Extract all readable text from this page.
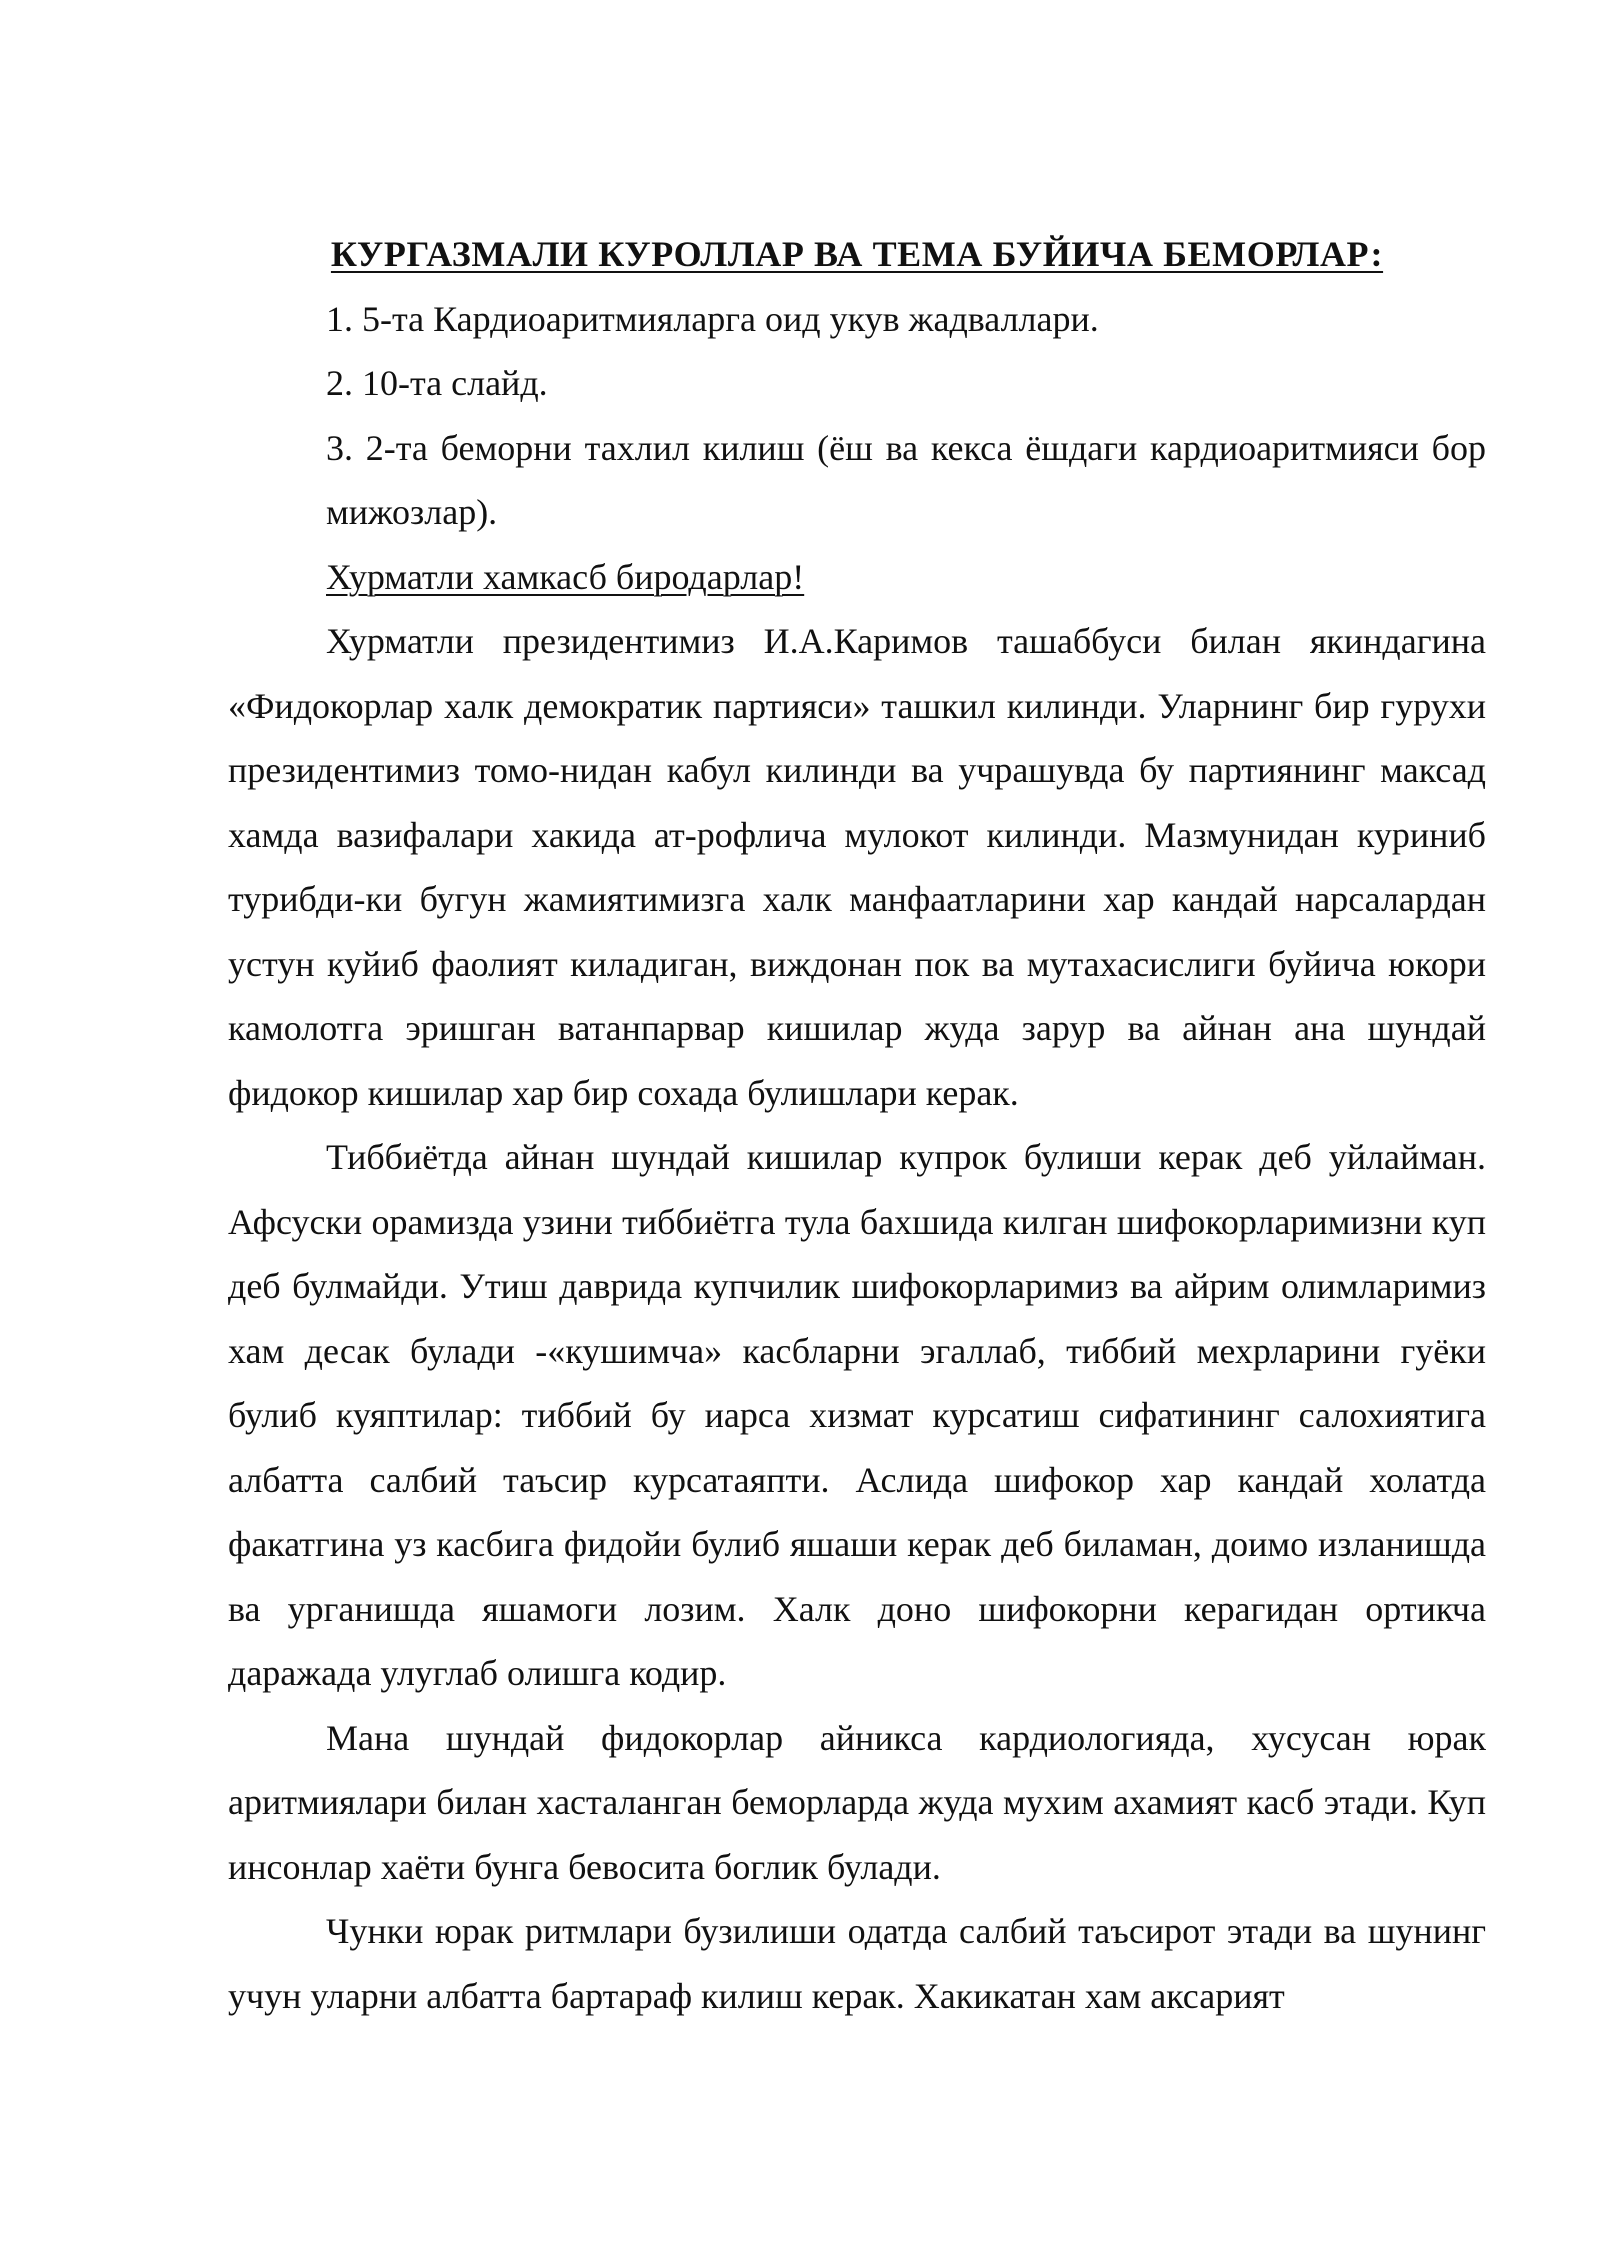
КУРГАЗМАЛИ КУРОЛЛАР ВА ТЕМА БУЙИЧА БЕМОРЛАР:

1. 5-та Кардиоаритмияларга оид укув жадваллари.
2. 10-та слайд.
3. 2-та беморни тахлил килиш (ёш ва кекса ёшдаги кардиоаритмияси бор мижозлар).

Хурматли хамкасб биродарлар!

Хурматли президентимиз И.А.Каримов ташаббуси билан якиндагина «Фидокорлар халк демократик партияси» ташкил килинди. Уларнинг бир гурухи президентимиз томо-нидан кабул килинди ва учрашувда бу партиянинг максад хамда вазифалари хакида ат-рофлича мулокот килинди. Мазмунидан куриниб турибди-ки бугун жамиятимизга халк манфаатларини хар кандай нарсалардан устун куйиб фаолият киладиган, виждонан пок ва мутахасислиги буйича юкори камолотга эришган ватанпарвар кишилар жуда зарур ва айнан ана шундай фидокор кишилар хар бир сохада булишлари керак.

Тиббиётда айнан шундай кишилар купрок булиши керак деб уйлайман. Афсуски орамизда узини тиббиётга тула бахшида килган шифокорларимизни куп деб булмайди. Утиш даврида купчилик шифокорларимиз ва айрим олимларимиз хам десак булади -«кушимча» касбларни эгаллаб, тиббий мехрларини гуёки булиб куяптилар: тиббий бу иарса хизмат курсатиш сифатининг салохиятига албатта салбий таъсир курсатаяпти. Аслида шифокор хар кандай холатда факатгина уз касбига фидойи булиб яшаши керак деб биламан, доимо изланишда ва урганишда яшамоги лозим. Халк доно шифокорни керагидан ортикча даражада улуглаб олишга кодир.

Мана шундай фидокорлар айникса кардиологияда, хусусан юрак аритмиялари билан хасталанган беморларда жуда мухим ахамият касб этади. Куп инсонлар хаёти бунга бевосита боглик булади.

Чунки юрак ритмлари бузилиши одатда салбий таъсирот этади ва шунинг учун уларни албатта бартараф килиш керак. Хакикатан хам аксарият
